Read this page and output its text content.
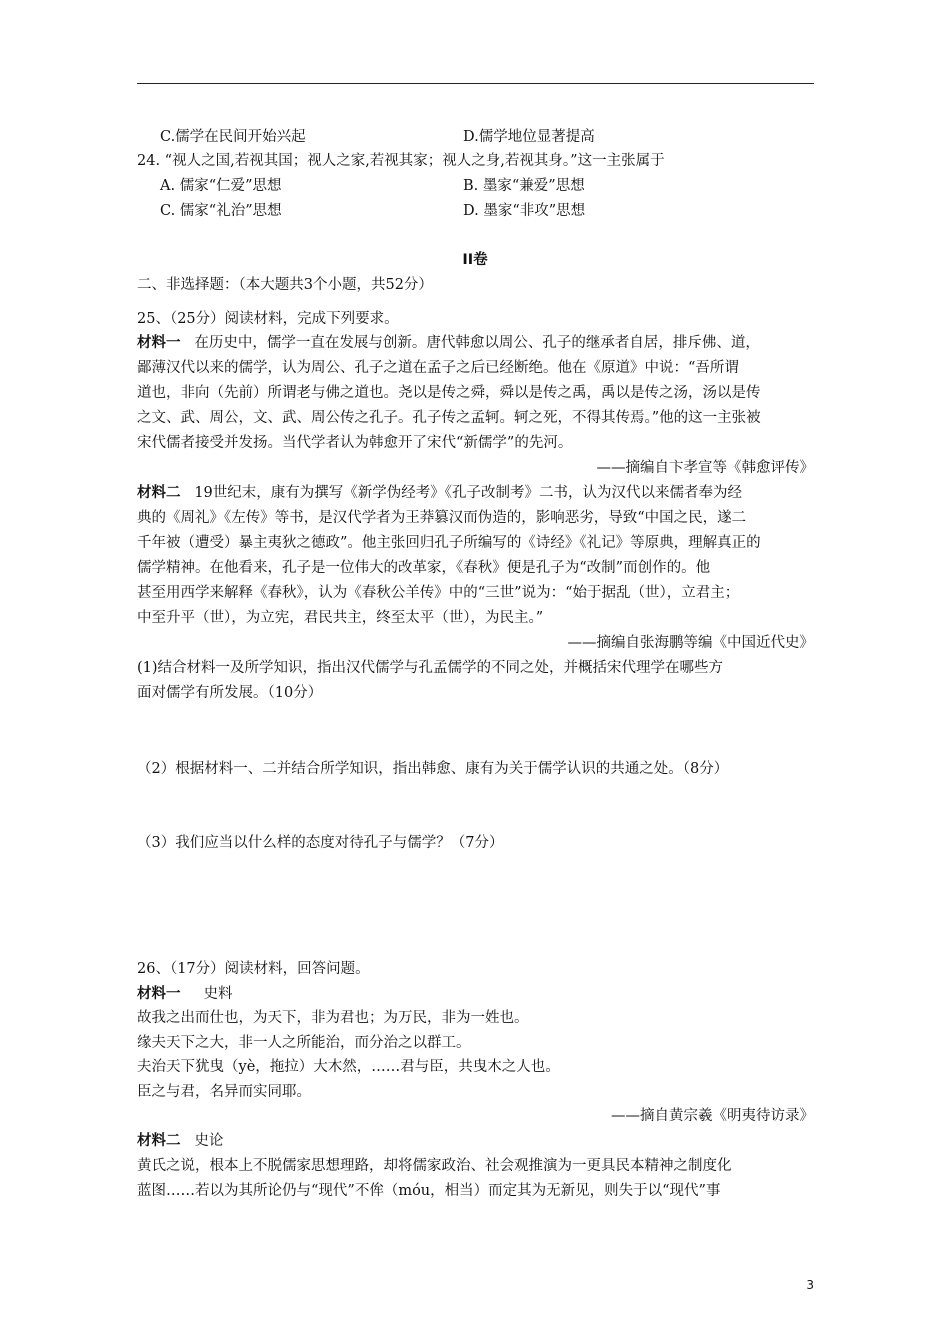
C.儒学在民间开始兴起	D.儒学地位显著提高
24. “视人之国,若视其国；视人之家,若视其家；视人之身,若视其身。”这一主张属于
A. 儒家“仁爱”思想	B. 墨家“兼爱”思想
C. 儒家“礼治”思想	D. 墨家“非攻”思想
II卷
二、非选择题：（本大题共3个小题，共52分）
25、（25分）阅读材料，完成下列要求。
材料一 在历史中，儒学一直在发展与创新。唐代韩愈以周公、孔子的继承者自居，排斥佛、道，
鄙薄汉代以来的儒学，认为周公、孔子之道在孟子之后已经断绝。他在《原道》中说：“吾所谓
道也，非向（先前）所谓老与佛之道也。尧以是传之舜，舜以是传之禹，禹以是传之汤，汤以是传
之文、武、周公，文、武、周公传之孔子。孔子传之孟轲。轲之死，不得其传焉。”他的这一主张被
宋代儒者接受并发扬。当代学者认为韩愈开了宋代“新儒学”的先河。
——摘编自卞孝宣等《韩愈评传》
材料二 19世纪末，康有为撰写《新学伪经考》《孔子改制考》二书，认为汉代以来儒者奉为经
典的《周礼》《左传》等书，是汉代学者为王莽篡汉而伪造的，影响恶劣，导致“中国之民，遂二
千年被（遭受）暴主夷狄之德政”。他主张回归孔子所编写的《诗经》《礼记》等原典，理解真正的
儒学精神。在他看来，孔子是一位伟大的改革家，《春秋》便是孔子为“改制”而创作的。他
甚至用西学来解释《春秋》，认为《春秋公羊传》中的“三世”说为：“始于据乱（世），立君主；
中至升平（世），为立宪，君民共主，终至太平（世），为民主。”
——摘编自张海鹏等编《中国近代史》
(1)结合材料一及所学知识，指出汉代儒学与孔孟儒学的不同之处，并概括宋代理学在哪些方
面对儒学有所发展。（10分）
（2）根据材料一、二并结合所学知识，指出韩愈、康有为关于儒学认识的共通之处。（8分）
（3）我们应当以什么样的态度对待孔子与儒学？（7分）
26、（17分）阅读材料，回答问题。
材料一 史料
故我之出而仕也，为天下，非为君也；为万民，非为一姓也。
缘夫天下之大，非一人之所能治，而分治之以群工。
夫治天下犹曳（yè，拖拉）大木然，……君与臣，共曳木之人也。
臣之与君，名异而实同耶。
——摘自黄宗羲《明夷待访录》
材料二 史论
黄氏之说，根本上不脱儒家思想理路，却将儒家政治、社会观推演为一更具民本精神之制度化
蓝图……若以为其所论仍与“现代”不侔（móu，相当）而定其为无新见，则失于以“现代”事
3
